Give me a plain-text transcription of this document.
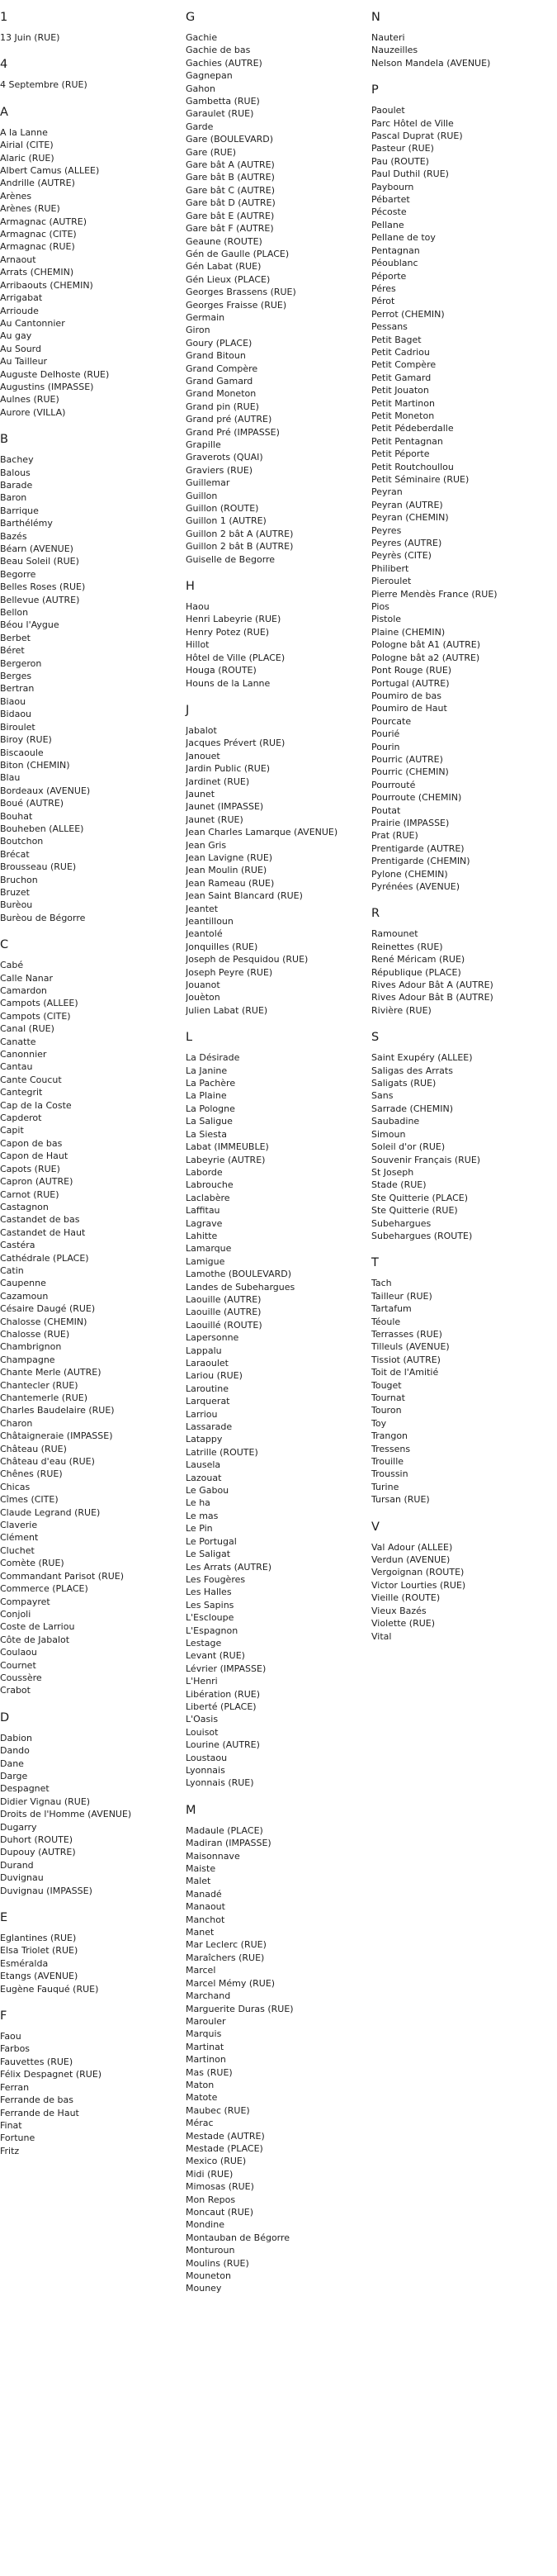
1
13 Juin (RUE)
4
4 Septembre (RUE)
A
A la Lanne
Airial (CITE)
Alaric (RUE)
Albert Camus (ALLEE)
Andrille (AUTRE)
Arènes
Arènes (RUE)
Armagnac (AUTRE)
Armagnac (CITE)
Armagnac (RUE)
Arnaout
Arrats (CHEMIN)
Arribaouts (CHEMIN)
Arrigabat
Arrioude
Au Cantonnier
Au gay
Au Sourd
Au Tailleur
Auguste Delhoste (RUE)
Augustins (IMPASSE)
Aulnes (RUE)
Aurore (VILLA)
B
Bachey
Balous
Barade
Baron
Barrique
Barthélémy
Bazés
Béarn (AVENUE)
Beau Soleil (RUE)
Begorre
Belles Roses (RUE)
Bellevue (AUTRE)
Bellon
Béou l'Aygue
Berbet
Béret
Bergeron
Berges
Bertran
Biaou
Bidaou
Biroulet
Biroy (RUE)
Biscaoule
Biton (CHEMIN)
Blau
Bordeaux (AVENUE)
Boué (AUTRE)
Bouhat
Bouheben (ALLEE)
Boutchon
Brécat
Brousseau (RUE)
Bruchon
Bruzet
Burèou
Burèou de Bégorre
C
Cabé
Calle Nanar
Camardon
Campots (ALLEE)
Campots (CITE)
Canal (RUE)
Canatte
Canonnier
Cantau
Cante Coucut
Cantegrit
Cap de la Coste
Capderot
Capit
Capon de bas
Capon de Haut
Capots (RUE)
Capron (AUTRE)
Carnot (RUE)
Castagnon
Castandet de bas
Castandet de Haut
Castéra
Cathédrale (PLACE)
Catin
Caupenne
Cazamoun
Césaire Daugé (RUE)
Chalosse (CHEMIN)
Chalosse (RUE)
Chambrignon
Champagne
Chante Merle (AUTRE)
Chantecler (RUE)
Chantemerle (RUE)
Charles Baudelaire (RUE)
Charon
Châtaigneraie (IMPASSE)
Château (RUE)
Château d'eau (RUE)
Chênes (RUE)
Chicas
Cîmes (CITE)
Claude Legrand (RUE)
Claverie
Clément
Cluchet
Comète (RUE)
Commandant Parisot (RUE)
Commerce (PLACE)
Compayret
Conjoli
Coste de Larriou
Côte de Jabalot
Coulaou
Cournet
Coussère
Crabot
D
Dabion
Dando
Dane
Darge
Despagnet
Didier Vignau (RUE)
Droits de l'Homme (AVENUE)
Dugarry
Duhort (ROUTE)
Dupouy (AUTRE)
Durand
Duvignau
Duvignau (IMPASSE)
E
Eglantines (RUE)
Elsa Triolet (RUE)
Esméralda
Etangs (AVENUE)
Eugène Fauqué (RUE)
F
Faou
Farbos
Fauvettes (RUE)
Félix Despagnet (RUE)
Ferran
Ferrande de bas
Ferrande de Haut
Finat
Fortune
Fritz
G
Gachie
Gachie de bas
Gachies (AUTRE)
Gagnepan
Gahon
Gambetta (RUE)
Garaulet (RUE)
Garde
Gare (BOULEVARD)
Gare (RUE)
Gare bât A (AUTRE)
Gare bât B (AUTRE)
Gare bât C (AUTRE)
Gare bât D (AUTRE)
Gare bât E (AUTRE)
Gare bât F (AUTRE)
Geaune (ROUTE)
Gén de Gaulle (PLACE)
Gén Labat (RUE)
Gén Lieux (PLACE)
Georges Brassens (RUE)
Georges Fraisse (RUE)
Germain
Giron
Goury (PLACE)
Grand Bitoun
Grand Compère
Grand Gamard
Grand Moneton
Grand pin (RUE)
Grand pré (AUTRE)
Grand Pré (IMPASSE)
Grapille
Graverots (QUAI)
Graviers (RUE)
Guillemar
Guillon
Guillon (ROUTE)
Guillon 1 (AUTRE)
Guillon 2 bât A (AUTRE)
Guillon 2 bât B (AUTRE)
Guiselle de Begorre
H
Haou
Henri Labeyrie (RUE)
Henry Potez (RUE)
Hillot
Hôtel de Ville (PLACE)
Houga (ROUTE)
Houns de la Lanne
J
Jabalot
Jacques Prévert (RUE)
Janouet
Jardin Public (RUE)
Jardinet (RUE)
Jaunet
Jaunet (IMPASSE)
Jaunet (RUE)
Jean Charles Lamarque (AVENUE)
Jean Gris
Jean Lavigne (RUE)
Jean Moulin (RUE)
Jean Rameau (RUE)
Jean Saint Blancard (RUE)
Jeantet
Jeantilloun
Jeantolé
Jonquilles (RUE)
Joseph de Pesquidou (RUE)
Joseph Peyre (RUE)
Jouanot
Jouèton
Julien Labat (RUE)
L
La Désirade
La Janine
La Pachère
La Plaine
La Pologne
La Saligue
La Siesta
Labat (IMMEUBLE)
Labeyrie (AUTRE)
Laborde
Labrouche
Laclabère
Laffitau
Lagrave
Lahitte
Lamarque
Lamigue
Lamothe (BOULEVARD)
Landes de Subehargues
Laouille (AUTRE)
Laouille (AUTRE)
Laouillé (ROUTE)
Lapersonne
Lappalu
Laraoulet
Lariou (RUE)
Laroutine
Larquerat
Larriou
Lassarade
Latappy
Latrille (ROUTE)
Lausela
Lazouat
Le Gabou
Le ha
Le mas
Le Pin
Le Portugal
Le Saligat
Les Arrats (AUTRE)
Les Fougères
Les Halles
Les Sapins
L'Escloupe
L'Espagnon
Lestage
Levant (RUE)
Lévrier (IMPASSE)
L'Henri
Libération (RUE)
Liberté (PLACE)
L'Oasis
Louisot
Lourine (AUTRE)
Loustaou
Lyonnais
Lyonnais (RUE)
M
Madaule (PLACE)
Madiran (IMPASSE)
Maisonnave
Maiste
Malet
Manadé
Manaout
Manchot
Manet
Mar Leclerc (RUE)
Maraîchers (RUE)
Marcel
Marcel Mémy (RUE)
Marchand
Marguerite Duras (RUE)
Marouler
Marquis
Martinat
Martinon
Mas (RUE)
Maton
Matote
Maubec (RUE)
Mérac
Mestade (AUTRE)
Mestade (PLACE)
Mexico (RUE)
Midi (RUE)
Mimosas (RUE)
Mon Repos
Moncaut (RUE)
Mondine
Montauban de Bégorre
Monturoun
Moulins (RUE)
Mouneton
Mouney
N
Nauteri
Nauzeilles
Nelson Mandela (AVENUE)
P
Paoulet
Parc Hôtel de Ville
Pascal Duprat (RUE)
Pasteur (RUE)
Pau (ROUTE)
Paul Duthil (RUE)
Paybourn
Pébartet
Pécoste
Pellane
Pellane de toy
Pentagnan
Péoublanc
Péporte
Péres
Pérot
Perrot (CHEMIN)
Pessans
Petit Baget
Petit Cadriou
Petit Compère
Petit Gamard
Petit Jouaton
Petit Martinon
Petit Moneton
Petit Pédeberdalle
Petit Pentagnan
Petit Péporte
Petit Routchoullou
Petit Séminaire (RUE)
Peyran
Peyran (AUTRE)
Peyran (CHEMIN)
Peyres
Peyres (AUTRE)
Peyrès (CITE)
Philibert
Pieroulet
Pierre Mendès France (RUE)
Pios
Pistole
Plaine (CHEMIN)
Pologne bât A1 (AUTRE)
Pologne bât a2 (AUTRE)
Pont Rouge (RUE)
Portugal (AUTRE)
Poumiro de bas
Poumiro de Haut
Pourcate
Pourié
Pourin
Pourric (AUTRE)
Pourric (CHEMIN)
Pourrouté
Pourroute (CHEMIN)
Poutat
Prairie (IMPASSE)
Prat (RUE)
Prentigarde (AUTRE)
Prentigarde (CHEMIN)
Pylone (CHEMIN)
Pyrénées (AVENUE)
R
Ramounet
Reinettes (RUE)
René Méricam (RUE)
République (PLACE)
Rives Adour Bât A (AUTRE)
Rives Adour Bât B (AUTRE)
Rivière (RUE)
S
Saint Exupéry (ALLEE)
Saligas des Arrats
Saligats (RUE)
Sans
Sarrade (CHEMIN)
Saubadine
Simoun
Soleil d'or (RUE)
Souvenir Français (RUE)
St Joseph
Stade (RUE)
Ste Quitterie (PLACE)
Ste Quitterie (RUE)
Subehargues
Subehargues (ROUTE)
T
Tach
Tailleur (RUE)
Tartafum
Téoule
Terrasses (RUE)
Tilleuls (AVENUE)
Tissiot (AUTRE)
Toit de l'Amitié
Touget
Tournat
Touron
Toy
Trangon
Tressens
Trouille
Troussin
Turine
Tursan (RUE)
V
Val Adour (ALLEE)
Verdun (AVENUE)
Vergoignan (ROUTE)
Victor Lourties (RUE)
Vieille (ROUTE)
Vieux Bazés
Violette (RUE)
Vital
